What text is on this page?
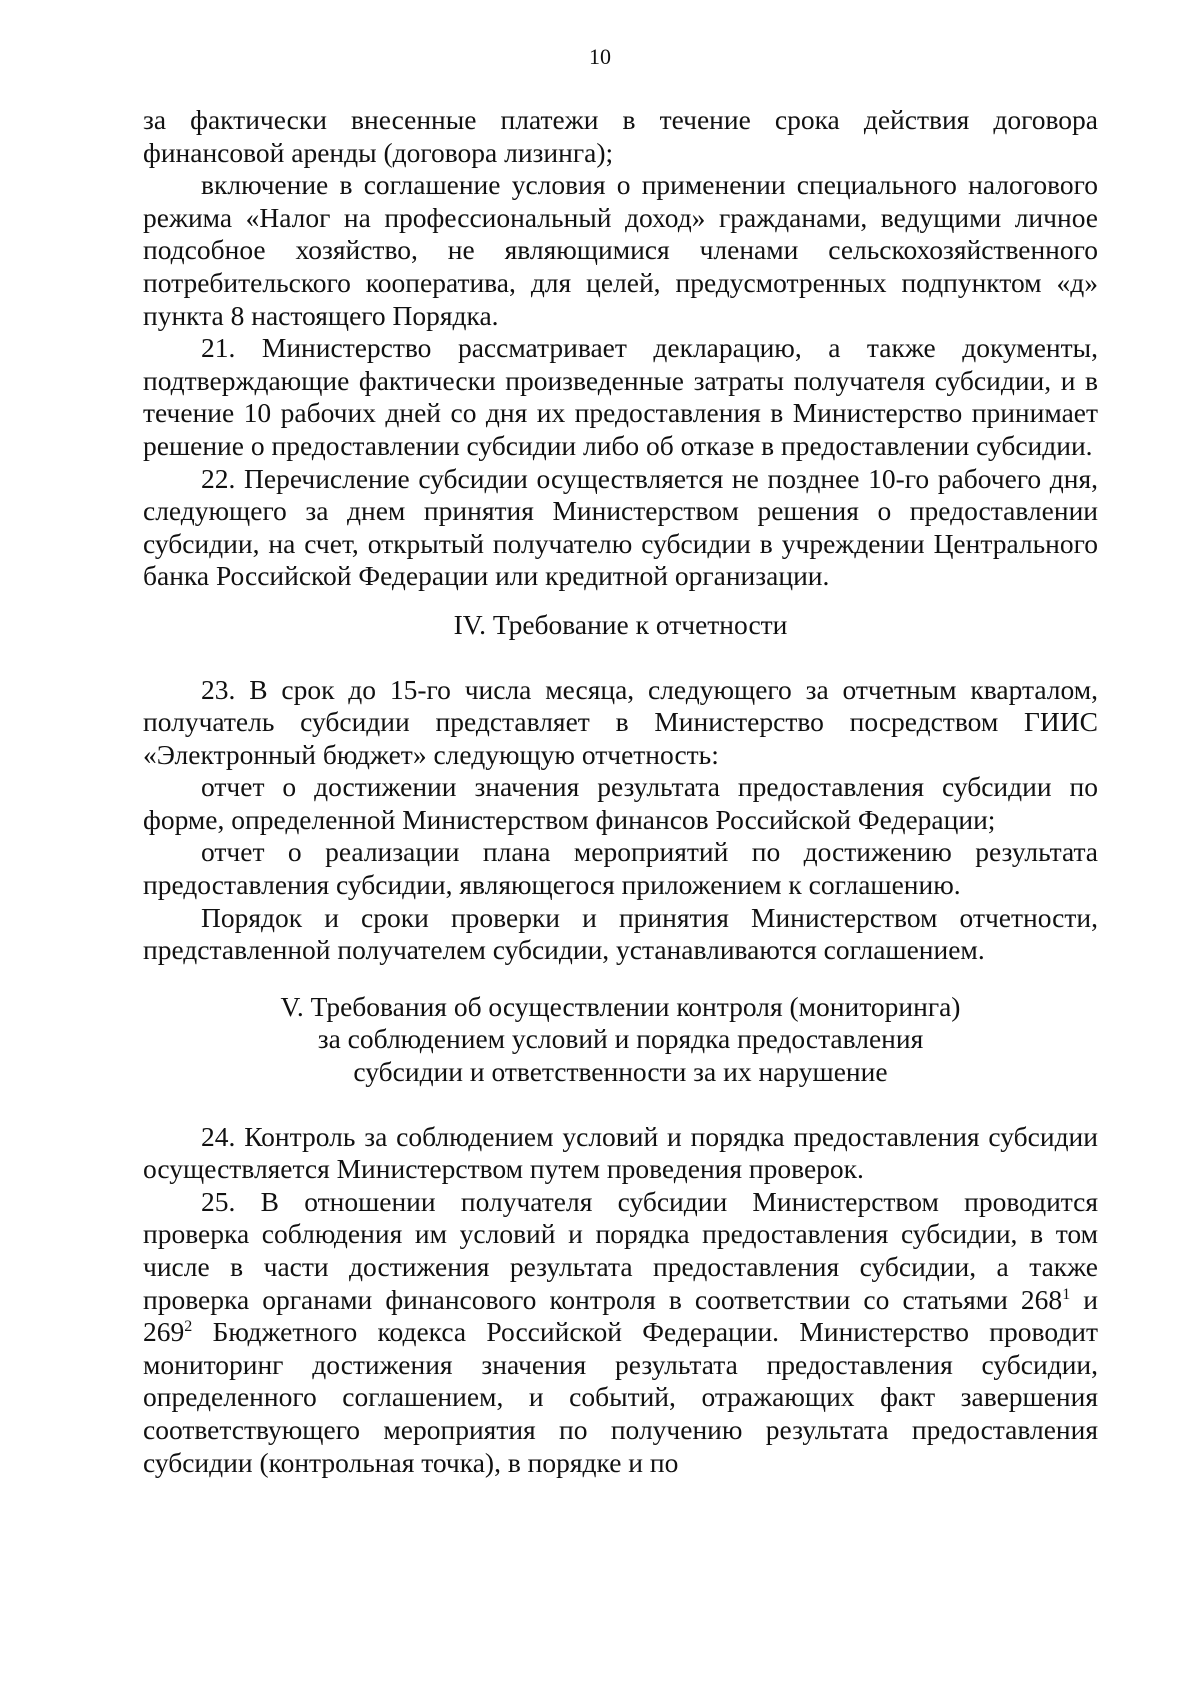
10

за фактически внесенные платежи в течение срока действия договора финансовой аренды (договора лизинга);

включение в соглашение условия о применении специального налогового режима «Налог на профессиональный доход» гражданами, ведущими личное подсобное хозяйство, не являющимися членами сельскохозяйственного потребительского кооператива, для целей, предусмотренных подпунктом «д» пункта 8 настоящего Порядка.

21. Министерство рассматривает декларацию, а также документы, подтверждающие фактически произведенные затраты получателя субсидии, и в течение 10 рабочих дней со дня их предоставления в Министерство принимает решение о предоставлении субсидии либо об отказе в предоставлении субсидии.

22. Перечисление субсидии осуществляется не позднее 10-го рабочего дня, следующего за днем принятия Министерством решения о предоставлении субсидии, на счет, открытый получателю субсидии в учреждении Центрального банка Российской Федерации или кредитной организации.

IV. Требование к отчетности

23. В срок до 15-го числа месяца, следующего за отчетным кварталом, получатель субсидии представляет в Министерство посредством ГИИС «Электронный бюджет» следующую отчетность:

отчет о достижении значения результата предоставления субсидии по форме, определенной Министерством финансов Российской Федерации;

отчет о реализации плана мероприятий по достижению результата предоставления субсидии, являющегося приложением к соглашению.

Порядок и сроки проверки и принятия Министерством отчетности, представленной получателем субсидии, устанавливаются соглашением.

V. Требования об осуществлении контроля (мониторинга)
за соблюдением условий и порядка предоставления
субсидии и ответственности за их нарушение

24. Контроль за соблюдением условий и порядка предоставления субсидии осуществляется Министерством путем проведения проверок.

25. В отношении получателя субсидии Министерством проводится проверка соблюдения им условий и порядка предоставления субсидии, в том числе в части достижения результата предоставления субсидии, а также проверка органами финансового контроля в соответствии со статьями $268^1$ и $269^2$ Бюджетного кодекса Российской Федерации. Министерство проводит мониторинг достижения значения результата предоставления субсидии, определенного соглашением, и событий, отражающих факт завершения соответствующего мероприятия по получению результата предоставления субсидии (контрольная точка), в порядке и по
